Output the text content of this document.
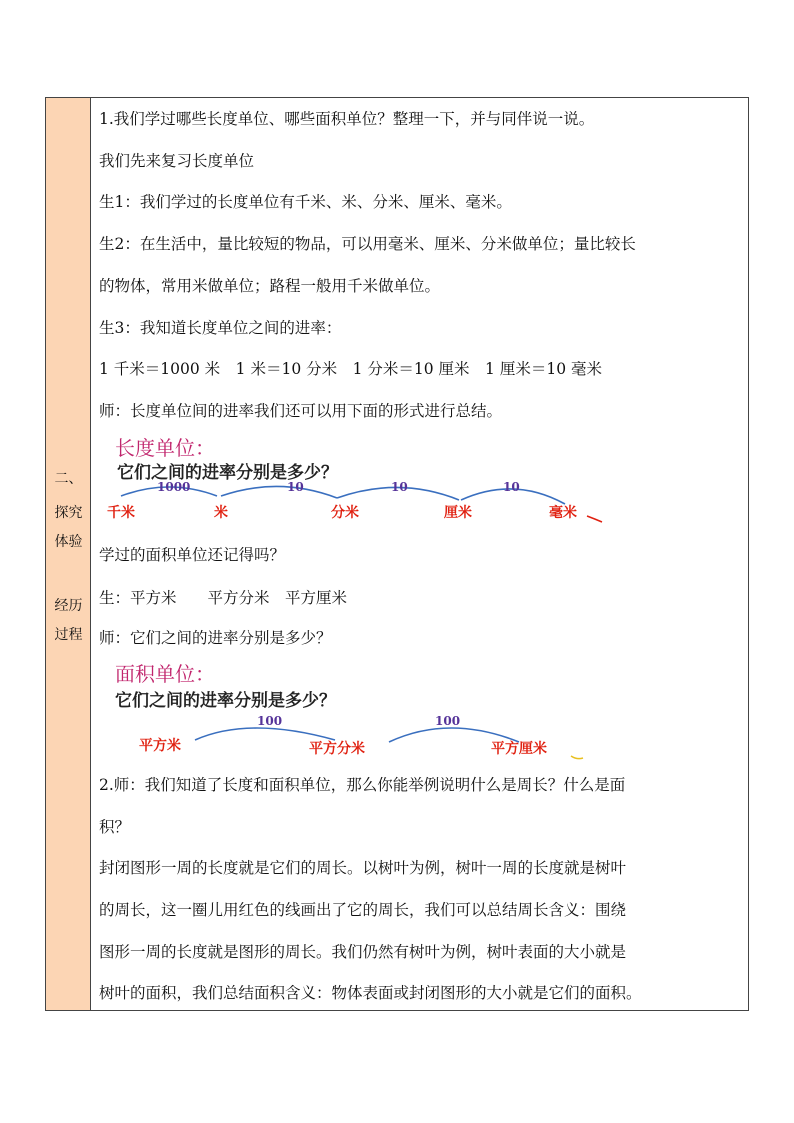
二、
探究
体验
经历
过程
1.我们学过哪些长度单位、哪些面积单位？整理一下，并与同伴说一说。
我们先来复习长度单位
生1：我们学过的长度单位有千米、米、分米、厘米、毫米。
生2：在生活中，量比较短的物品，可以用毫米、厘米、分米做单位；量比较长
的物体，常用米做单位；路程一般用千米做单位。
生3：我知道长度单位之间的进率：
1 千米＝1000 米　1 米＝10 分米　1 分米＝10 厘米　1 厘米＝10 毫米
师：长度单位间的进率我们还可以用下面的形式进行总结。
长度单位：
它们之间的进率分别是多少？
1000	10	10	10
千米	米	分米	厘米	毫米
学过的面积单位还记得吗？
生：平方米　　平方分米　平方厘米
师：它们之间的进率分别是多少？
面积单位：
它们之间的进率分别是多少？
100	100
平方米	平方分米	平方厘米
2.师：我们知道了长度和面积单位，那么你能举例说明什么是周长？什么是面
积？
封闭图形一周的长度就是它们的周长。以树叶为例，树叶一周的长度就是树叶
的周长，这一圈儿用红色的线画出了它的周长，我们可以总结周长含义：围绕
图形一周的长度就是图形的周长。我们仍然有树叶为例，树叶表面的大小就是
树叶的面积，我们总结面积含义：物体表面或封闭图形的大小就是它们的面积。
